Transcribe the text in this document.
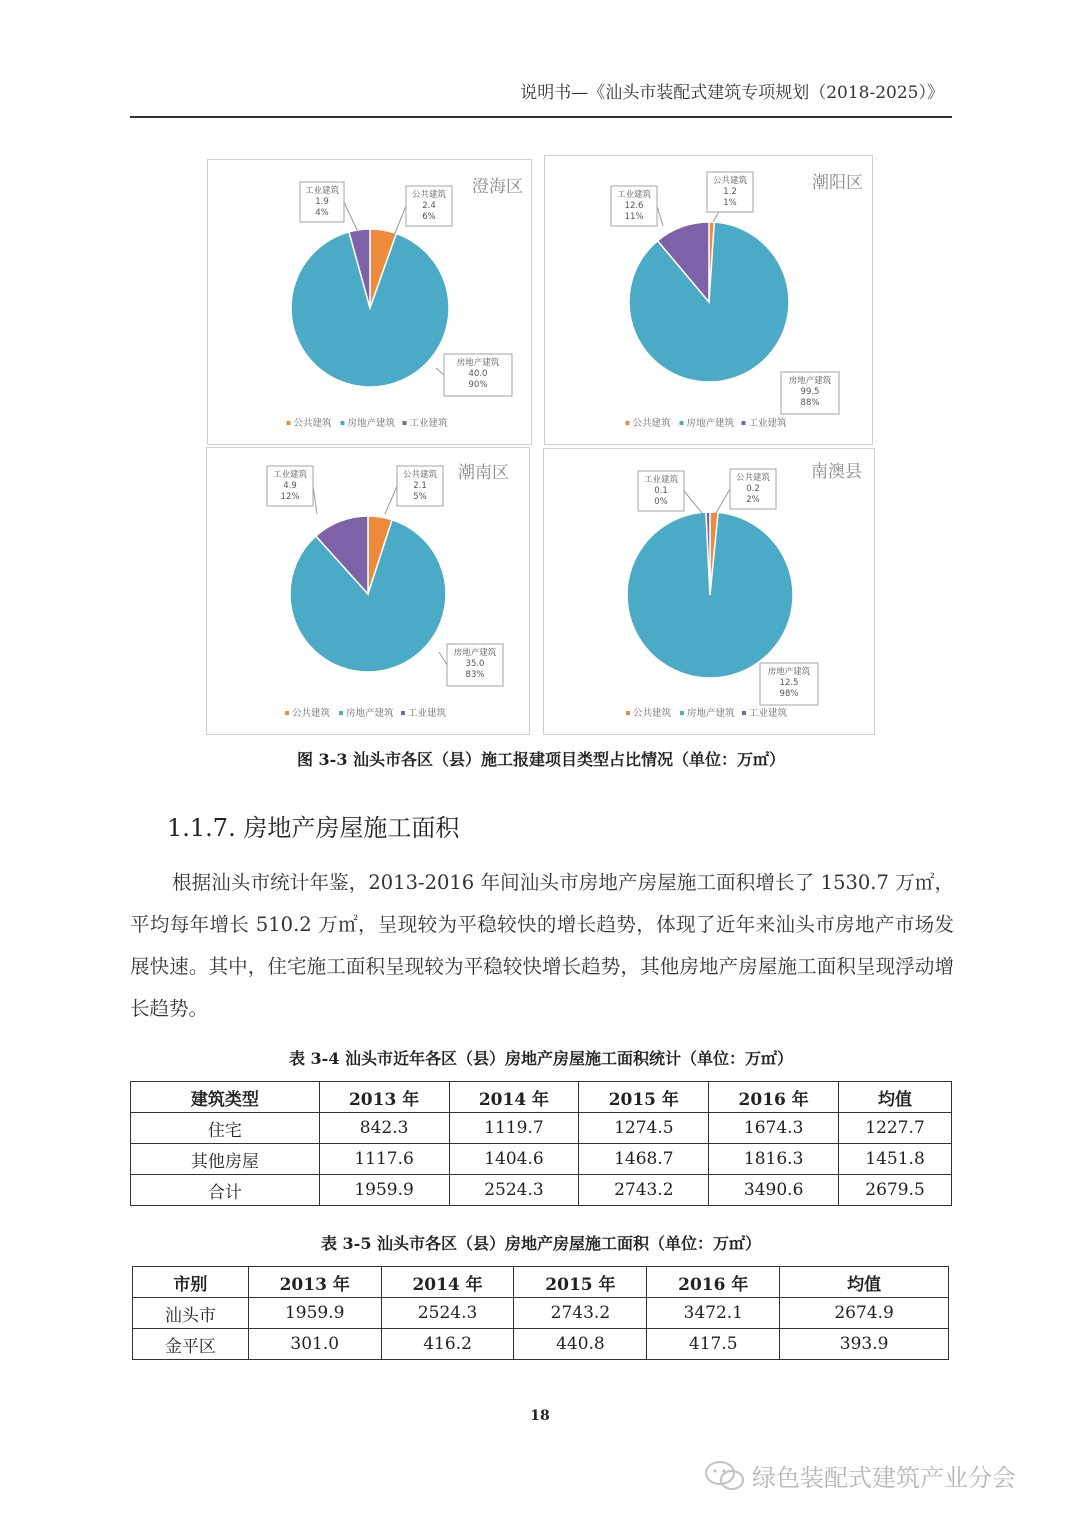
说明书—《汕头市装配式建筑专项规划（2018-2025）》
澄海区
公共建筑
2.4
6%
房地产建筑
40.0
90%
工业建筑
1.9
4%
公共建筑 房地产建筑 工业建筑
潮阳区
公共建筑
1.2
1%
房地产建筑
99.5
88%
工业建筑
12.6
11%
公共建筑 房地产建筑 工业建筑
潮南区
公共建筑
2.1
5%
房地产建筑
35.0
83%
工业建筑
4.9
12%
公共建筑 房地产建筑 工业建筑
南澳县
公共建筑
0.2
2%
房地产建筑
12.5
98%
工业建筑
0.1
0%
公共建筑 房地产建筑 工业建筑
图 3-3 汕头市各区（县）施工报建项目类型占比情况（单位：万㎡）
1.1.7. 房地产房屋施工面积
根据汕头市统计年鉴，2013-2016 年间汕头市房地产房屋施工面积增长了 1530.7 万㎡，平均每年增长 510.2 万㎡，呈现较为平稳较快的增长趋势，体现了近年来汕头市房地产市场发展快速。其中，住宅施工面积呈现较为平稳较快增长趋势，其他房地产房屋施工面积呈现浮动增长趋势。
表 3-4 汕头市近年各区（县）房地产房屋施工面积统计（单位：万㎡）
建筑类型	2013 年	2014 年	2015 年	2016 年	均值
住宅	842.3	1119.7	1274.5	1674.3	1227.7
其他房屋	1117.6	1404.6	1468.7	1816.3	1451.8
合计	1959.9	2524.3	2743.2	3490.6	2679.5
表 3-5 汕头市各区（县）房地产房屋施工面积（单位：万㎡）
市别	2013 年	2014 年	2015 年	2016 年	均值
汕头市	1959.9	2524.3	2743.2	3472.1	2674.9
金平区	301.0	416.2	440.8	417.5	393.9
18
绿色装配式建筑产业分会
